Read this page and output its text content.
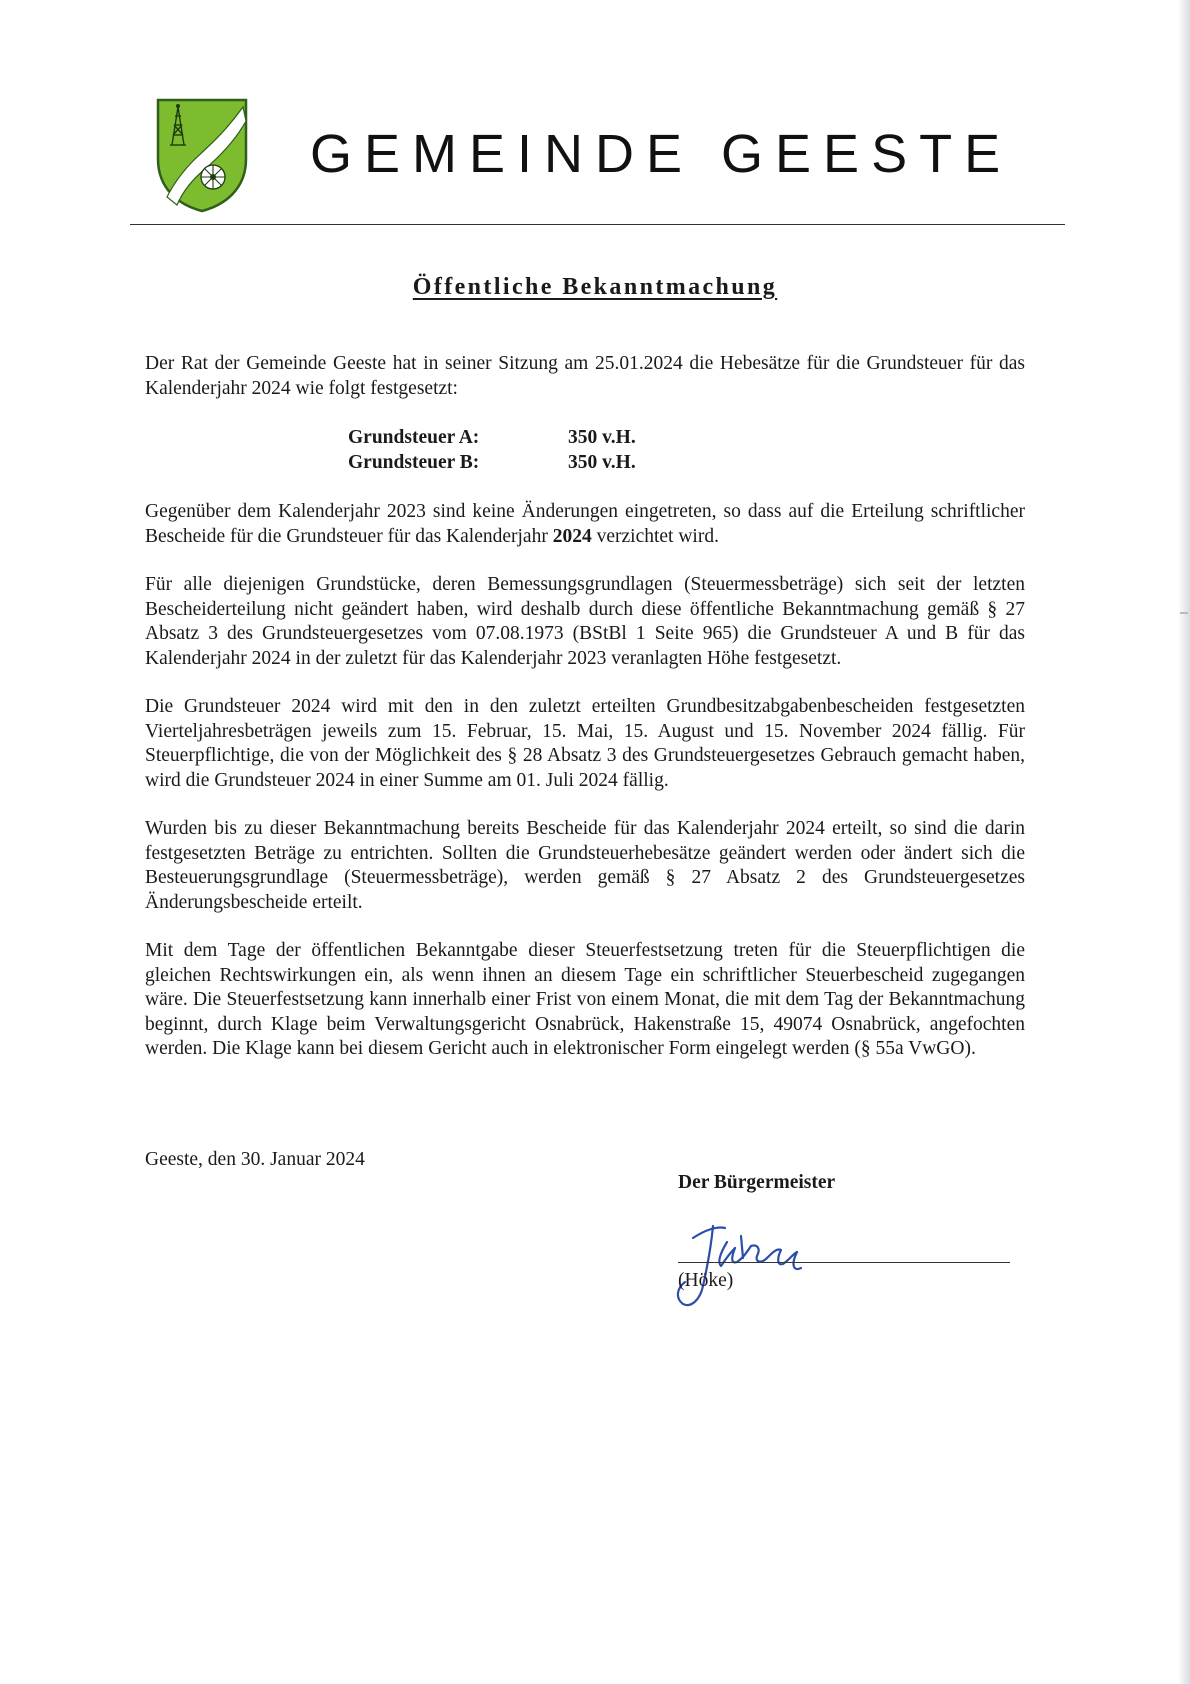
GEMEINDE GEESTE
Öffentliche Bekanntmachung
Der Rat der Gemeinde Geeste hat in seiner Sitzung am 25.01.2024 die Hebesätze für die Grundsteuer für das Kalenderjahr 2024 wie folgt festgesetzt:
Grundsteuer A:	350 v.H.
Grundsteuer B:	350 v.H.
Gegenüber dem Kalenderjahr 2023 sind keine Änderungen eingetreten, so dass auf die Erteilung schriftlicher Bescheide für die Grundsteuer für das Kalenderjahr 2024 verzichtet wird.
Für alle diejenigen Grundstücke, deren Bemessungsgrundlagen (Steuermessbeträge) sich seit der letzten Bescheiderteilung nicht geändert haben, wird deshalb durch diese öffentliche Bekanntmachung gemäß § 27 Absatz 3 des Grundsteuergesetzes vom 07.08.1973 (BStBl 1 Seite 965) die Grundsteuer A und B für das Kalenderjahr 2024 in der zuletzt für das Kalenderjahr 2023 veranlagten Höhe festgesetzt.
Die Grundsteuer 2024 wird mit den in den zuletzt erteilten Grundbesitzabgabenbescheiden festgesetzten Vierteljahresbeträgen jeweils zum 15. Februar, 15. Mai, 15. August und 15. November 2024 fällig. Für Steuerpflichtige, die von der Möglichkeit des § 28 Absatz 3 des Grundsteuergesetzes Gebrauch gemacht haben, wird die Grundsteuer 2024 in einer Summe am 01. Juli 2024 fällig.
Wurden bis zu dieser Bekanntmachung bereits Bescheide für das Kalenderjahr 2024 erteilt, so sind die darin festgesetzten Beträge zu entrichten. Sollten die Grundsteuerhebesätze geändert werden oder ändert sich die Besteuerungsgrundlage (Steuermessbeträge), werden gemäß § 27 Absatz 2 des Grundsteuergesetzes Änderungsbescheide erteilt.
Mit dem Tage der öffentlichen Bekanntgabe dieser Steuerfestsetzung treten für die Steuerpflichtigen die gleichen Rechtswirkungen ein, als wenn ihnen an diesem Tage ein schriftlicher Steuerbescheid zugegangen wäre. Die Steuerfestsetzung kann innerhalb einer Frist von einem Monat, die mit dem Tag der Bekanntmachung beginnt, durch Klage beim Verwaltungsgericht Osnabrück, Hakenstraße 15, 49074 Osnabrück, angefochten werden. Die Klage kann bei diesem Gericht auch in elektronischer Form eingelegt werden (§ 55a VwGO).
Geeste, den 30. Januar 2024
Der Bürgermeister
(Höke)
